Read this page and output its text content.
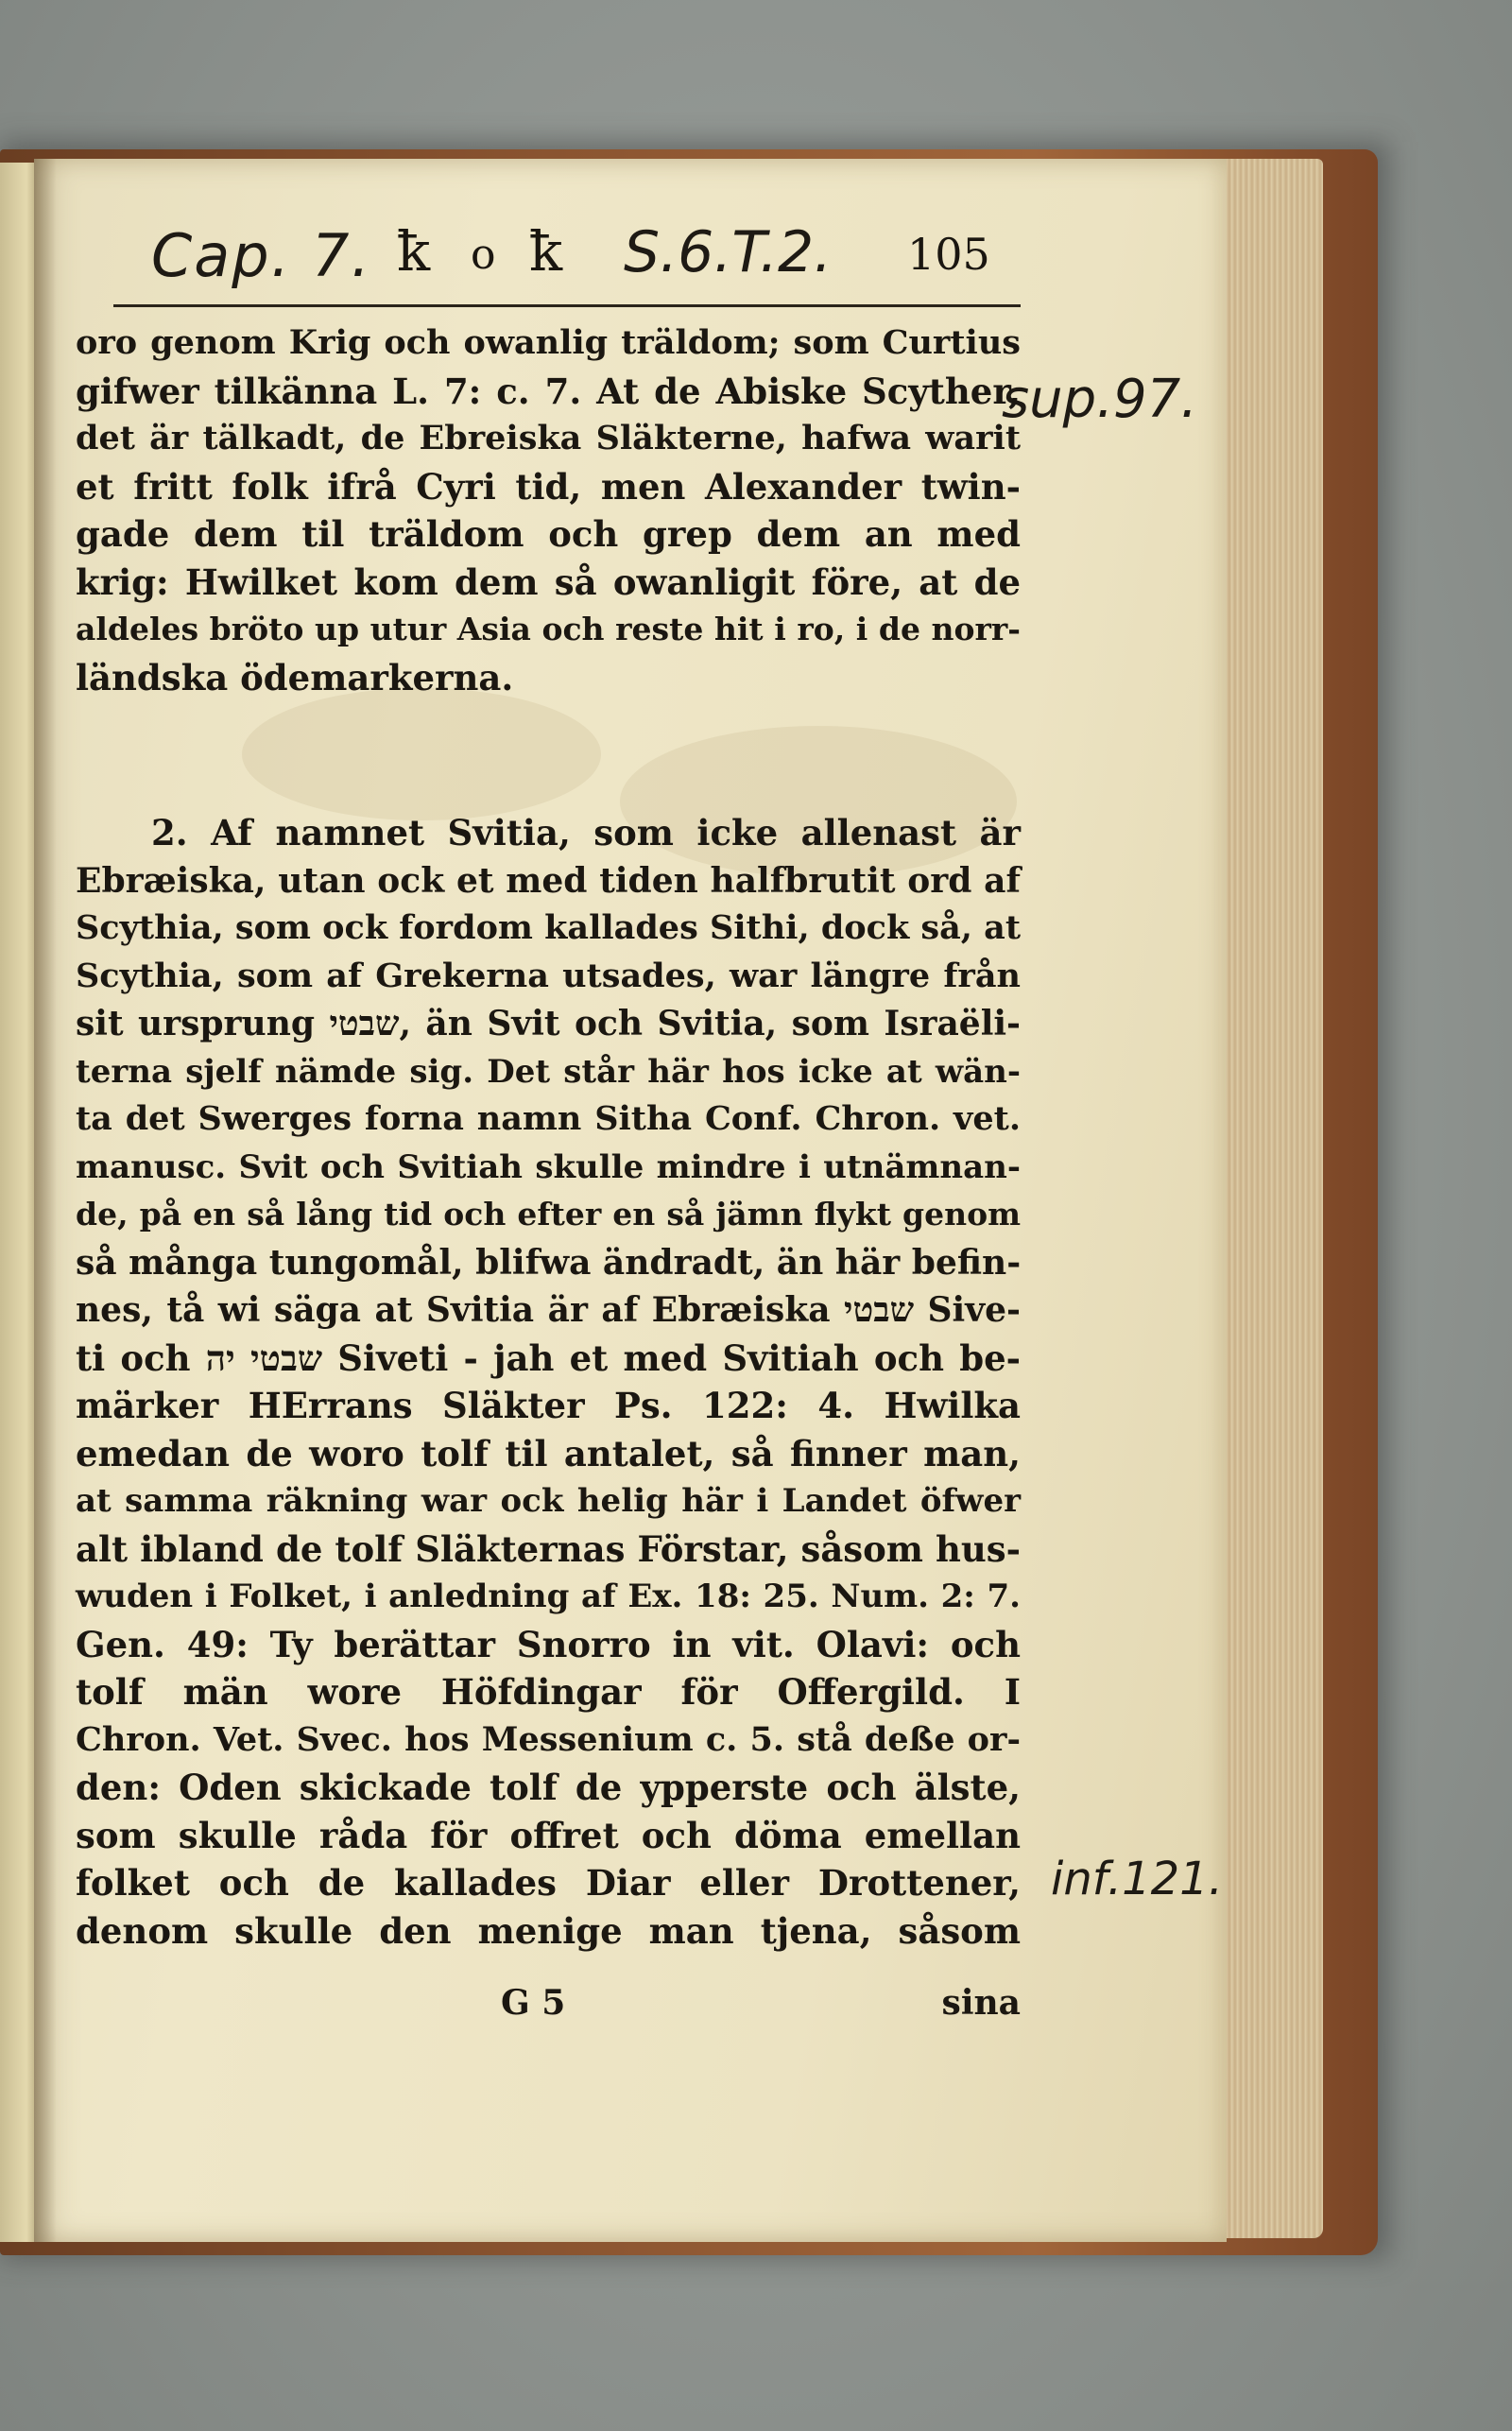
Cap. 7. ꝁ o ꝁ S.6.T.2. 105
sup.97.
inf.121.
oro genom Krig och owanlig träldom; som Curtius
gifwer tilkänna L. 7: c. 7. At de Abiske Scyther,
det är tälkadt, de Ebreiska Släkterne, hafwa warit
et fritt folk ifrå Cyri tid, men Alexander twin-
gade dem til träldom och grep dem an med
krig: Hwilket kom dem så owanligit före, at de
aldeles bröto up utur Asia och reste hit i ro, i de norr-
ländska ödemarkerna.
2. Af namnet Svitia, som icke allenast är
Ebræiska, utan ock et med tiden halfbrutit ord af
Scythia, som ock fordom kallades Sithi, dock så, at
Scythia, som af Grekerna utsades, war längre från
sit ursprung שבטי, än Svit och Svitia, som Israëli-
terna sjelf nämde sig. Det står här hos icke at wän-
ta det Swerges forna namn Sitha Conf. Chron. vet.
manusc. Svit och Svitiah skulle mindre i utnämnan-
de, på en så lång tid och efter en så jämn flykt genom
så många tungomål, blifwa ändradt, än här befin-
nes, tå wi säga at Svitia är af Ebræiska שבטי Sive-
ti och שבטי יה Siveti - jah et med Svitiah och be-
märker HErrans Släkter Ps. 122: 4. Hwilka
emedan de woro tolf til antalet, så finner man,
at samma räkning war ock helig här i Landet öfwer
alt ibland de tolf Släkternas Förstar, såsom hus-
wuden i Folket, i anledning af Ex. 18: 25. Num. 2: 7.
Gen. 49: Ty berättar Snorro in vit. Olavi: och
tolf män wore Höfdingar för Offergild. I
Chron. Vet. Svec. hos Messenium c. 5. stå deße or-
den: Oden skickade tolf de ypperste och älste,
som skulle råda för offret och döma emellan
folket och de kallades Diar eller Drottener,
denom skulle den menige man tjena, såsom
G 5	sina
